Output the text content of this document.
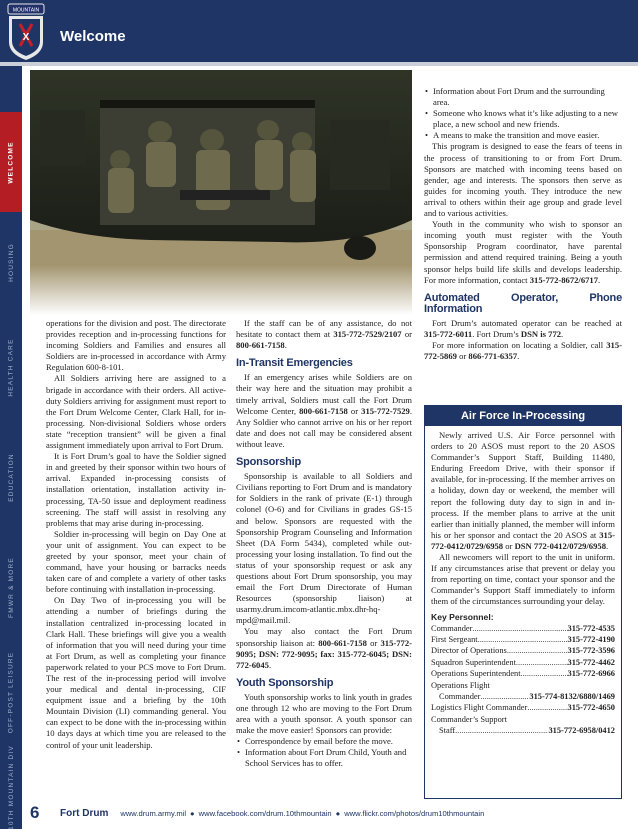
MOUNTAIN
X Welcome
WELCOME
HOUSING
HEALTH CARE
EDUCATION
FMWR & MORE
OFF-POST LEISURE
10TH MOUNTAIN DIV

operations for the division and post. The directorate provides reception and in-processing functions for incoming Soldiers and Families and ensures all Soldiers are in-processed in accordance with Army Regulation 600-8-101.

All Soldiers arriving here are assigned to a brigade in accordance with their orders. All active-duty Soldiers arriving for assignment must report to the Fort Drum Welcome Center, Clark Hall, for in-processing. Non-divisional Soldiers whose orders state “reception transient” will be given a final assignment immediately upon arrival to Fort Drum.

It is Fort Drum’s goal to have the Soldier signed in and greeted by their sponsor within two hours of arrival. Expanded in-processing consists of installation orientation, installation activity in-processing, TA-50 issue and deployment readiness screening. The staff will assist in resolving any problems that may arise during in-processing.

Soldier in-processing will begin on Day One at your unit of assignment. You can expect to be greeted by your sponsor, meet your chain of command, have your housing or barracks needs taken care of and complete a variety of other tasks before continuing with installation in-processing.

On Day Two of in-processing you will be attending a number of briefings during the installation centralized in-processing located in Clark Hall. These briefings will give you a wealth of information that you will need during your time at Fort Drum, as well as completing your finance paperwork related to your PCS move to Fort Drum. The rest of the in-processing period will involve your medical and dental in-processing, CIF equipment issue and a briefing by the 10th Mountain Division (LI) commanding general. You can expect to be done with the in-processing within 10 days days at which time you are released to the control of your unit leadership.

If the staff can be of any assistance, do not hesitate to contact them at 315-772-7529/2107 or 800-661-7158.

In-Transit Emergencies

If an emergency arises while Soldiers are on their way here and the situation may prohibit a timely arrival, Soldiers must call the Fort Drum Welcome Center, 800-661-7158 or 315-772-7529. Any Soldier who cannot arrive on his or her report date and does not call may be considered absent without leave.

Sponsorship

Sponsorship is available to all Soldiers and Civilians reporting to Fort Drum and is mandatory for Soldiers in the rank of private (E-1) through colonel (O-6) and for Civilians in grades GS-15 and below. Sponsors are requested with the Sponsorship Program Counseling and Information Sheet (DA Form 5434), completed while out-processing your losing installation. To find out the status of your sponsorship request or ask any questions about Fort Drum sponsorship, you may email the Fort Drum Directorate of Human Resources (sponsorship liaison) at usarmy.drum.imcom-atlantic.mbx.dhr-hq-mpd@mail.mil.

You may also contact the Fort Drum sponsorship liaison at: 800-661-7158 or 315-772-9095; DSN: 772-9095; fax: 315-772-6045; DSN: 772-6045.

Youth Sponsorship

Youth sponsorship works to link youth in grades one through 12 who are moving to the Fort Drum area with a youth sponsor. A youth sponsor can make the move easier! Sponsors can provide:

• Correspondence by email before the move.
• Information about Fort Drum Child, Youth and School Services has to offer.
• Information about Fort Drum and the surrounding area.
• Someone who knows what it’s like adjusting to a new place, a new school and new friends.
• A means to make the transition and move easier.

This program is designed to ease the fears of teens in the process of transitioning to or from Fort Drum. Sponsors are matched with incoming teens based on gender, age and interests. The sponsors then serve as guides for incoming youth. They introduce the new arrival to others within their age group and grade level and to various activities.

Youth in the community who wish to sponsor an incoming youth must register with the Youth Sponsorship Program coordinator, have parental permission and attend required training. Being a youth sponsor helps build life skills and develops leadership. For more information, contact 315-772-8672/6717.

Automated Operator, Phone Information

Fort Drum’s automated operator can be reached at 315-772-6011. Fort Drum’s DSN is 772.

For more information on locating a Soldier, call 315-772-5869 or 866-771-6357.

Air Force In-Processing

Newly arrived U.S. Air Force personnel with orders to 20 ASOS must report to the 20 ASOS Commander’s Support Staff, Building 11480, Enduring Freedom Drive, with their sponsor if available, for in-processing. If the member arrives on a holiday, down day or weekend, the member will report the following duty day to sign in and in-process. If the member plans to arrive at the unit earlier than initially planned, the member will inform his or her sponsor and contact the 20 ASOS at 315-772-0412/0729/6958 or DSN 772-0412/0729/6958.

All newcomers will report to the unit in uniform. If any circumstances arise that prevent or delay you from reporting on time, contact your sponsor and the Commander’s Support Staff immediately to inform them of the circumstances surrounding your delay.

Key Personnel:
Commander .....	315-772-4535
First Sergeant .....	315-772-4190
Director of Operations .....	315-772-3596
Squadron Superintendent .....	315-772-4462
Operations Superintendent .....	315-772-6966
Operations Flight
Commander .....	315-774-8132/6880/1469
Logistics Flight Commander .....	315-772-4650
Commander’s Support
Staff .....	315-772-6958/0412
6	Fort Drum www.drum.army.mil ● www.facebook.com/drum.10thmountain ● www.flickr.com/photos/drum10thmountain
